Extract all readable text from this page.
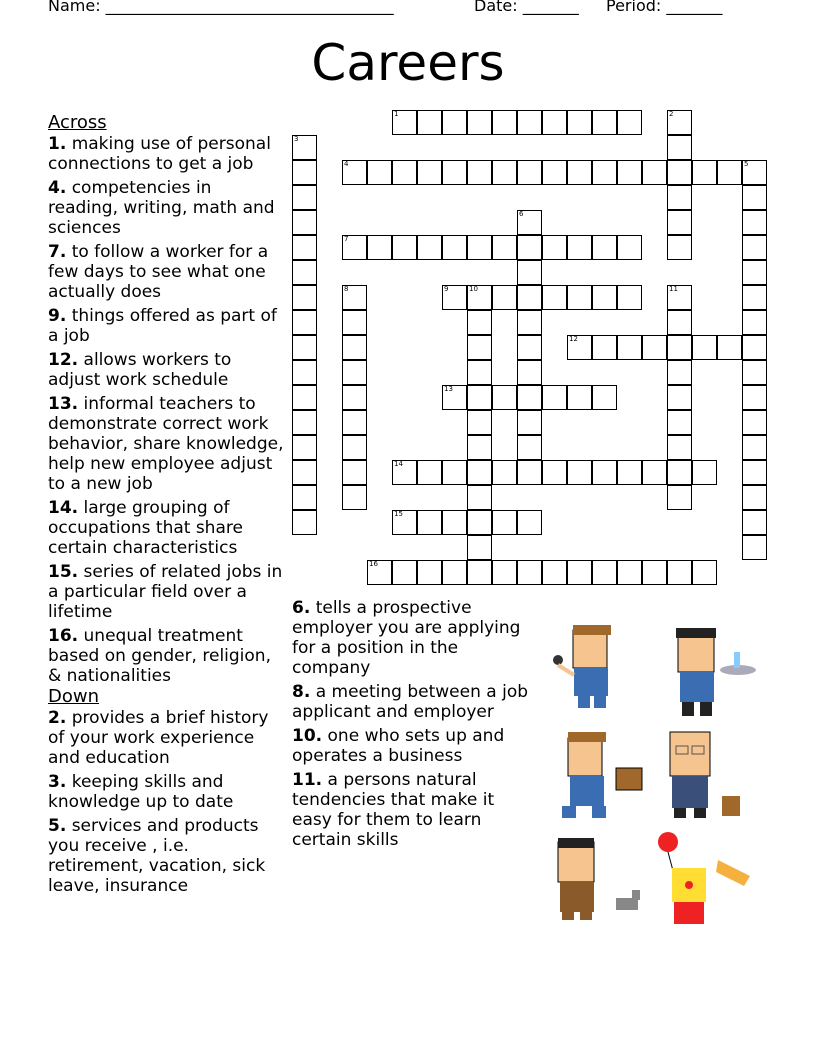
Name: ____________________________________	Date: _______ Period: _______
Careers
Across
1. making use of personal connections to get a job
4. competencies in reading, writing, math and sciences
7. to follow a worker for a few days to see what one actually does
9. things offered as part of a job
12. allows workers to adjust work schedule
13. informal teachers to demonstrate correct work behavior, share knowledge, help new employee adjust to a new job
14. large grouping of occupations that share certain characteristics
15. series of related jobs in a particular field over a lifetime
16. unequal treatment based on gender, religion, & nationalities
Down
2. provides a brief history of your work experience and education
3. keeping skills and knowledge up to date
5. services and products you receive , i.e. retirement, vacation, sick leave, insurance
6. tells a prospective employer you are applying for a position in the company
8. a meeting between a job applicant and employer
10. one who sets up and operates a business
11. a persons natural tendencies that make it easy for them to learn certain skills
1	2
3
4	5
6
7
8	9	10	11
12
13
14
15
16
